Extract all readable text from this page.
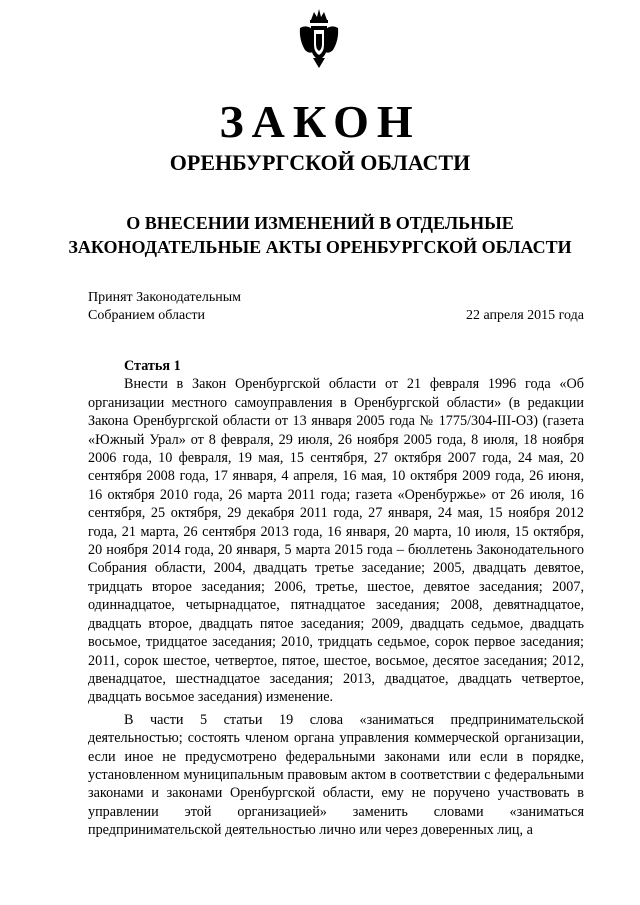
ЗАКОН
ОРЕНБУРГСКОЙ ОБЛАСТИ
О ВНЕСЕНИИ ИЗМЕНЕНИЙ В ОТДЕЛЬНЫЕ
ЗАКОНОДАТЕЛЬНЫЕ АКТЫ ОРЕНБУРГСКОЙ ОБЛАСТИ
Принят Законодательным
Собранием области	22 апреля 2015 года
Статья 1

Внести в Закон Оренбургской области от 21 февраля 1996 года «Об организации местного самоуправления в Оренбургской области» (в редакции Закона Оренбургской области от 13 января 2005 года № 1775/304-III-ОЗ) (газета «Южный Урал» от 8 февраля, 29 июля, 26 ноября 2005 года, 8 июля, 18 ноября 2006 года, 10 февраля, 19 мая, 15 сентября, 27 октября 2007 года, 24 мая, 20 сентября 2008 года, 17 января, 4 апреля, 16 мая, 10 октября 2009 года, 26 июня, 16 октября 2010 года, 26 марта 2011 года; газета «Оренбуржье» от 26 июля, 16 сентября, 25 октября, 29 декабря 2011 года, 27 января, 24 мая, 15 ноября 2012 года, 21 марта, 26 сентября 2013 года, 16 января, 20 марта, 10 июля, 15 октября, 20 ноября 2014 года, 20 января, 5 марта 2015 года – бюллетень Законодательного Собрания области, 2004, двадцать третье заседание; 2005, двадцать девятое, тридцать второе заседания; 2006, третье, шестое, девятое заседания; 2007, одиннадцатое, четырнадцатое, пятнадцатое заседания; 2008, девятнадцатое, двадцать второе, двадцать пятое заседания; 2009, двадцать седьмое, двадцать восьмое, тридцатое заседания; 2010, тридцать седьмое, сорок первое заседания; 2011, сорок шестое, четвертое, пятое, шестое, восьмое, десятое заседания; 2012, двенадцатое, шестнадцатое заседания; 2013, двадцатое, двадцать четвертое, двадцать восьмое заседания) изменение.

В части 5 статьи 19 слова «заниматься предпринимательской деятельностью; состоять членом органа управления коммерческой организации, если иное не предусмотрено федеральными законами или если в порядке, установленном муниципальным правовым актом в соответствии с федеральными законами и законами Оренбургской области, ему не поручено участвовать в управлении этой организацией» заменить словами «заниматься предпринимательской деятельностью лично или через доверенных лиц, а
